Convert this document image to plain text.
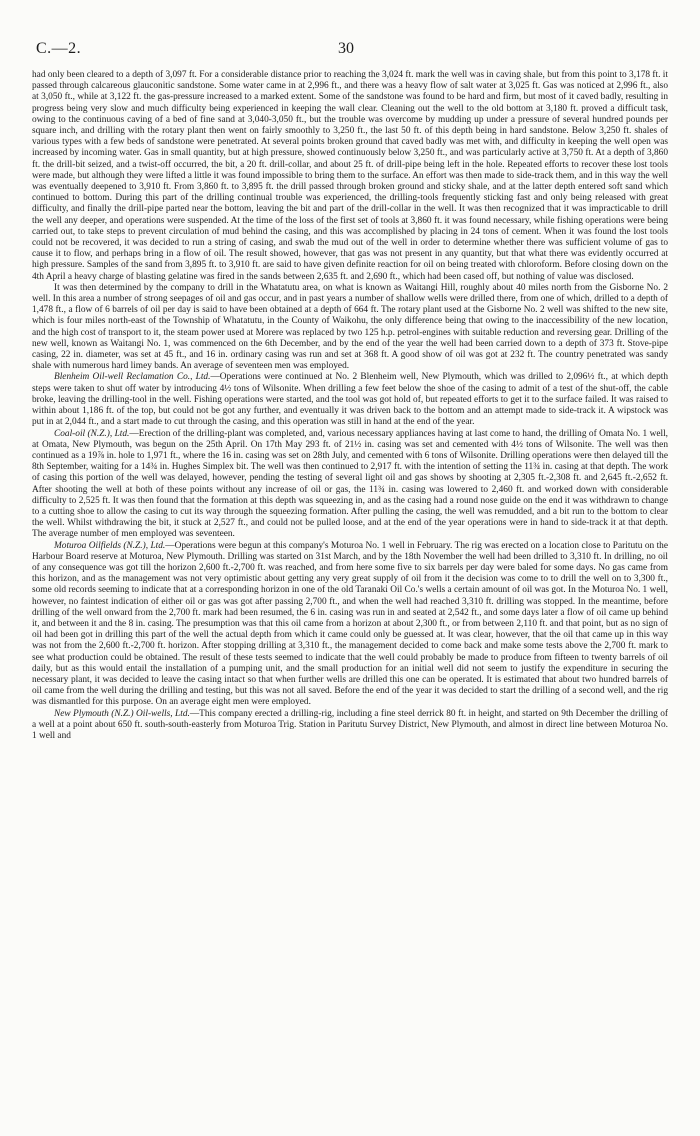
C.—2.	30

had only been cleared to a depth of 3,097 ft. For a considerable distance prior to reaching the 3,024 ft. mark the well was in caving shale, but from this point to 3,178 ft. it passed through calcareous glauconitic sandstone. Some water came in at 2,996 ft., and there was a heavy flow of salt water at 3,025 ft. Gas was noticed at 2,996 ft., also at 3,050 ft., while at 3,122 ft. the gas-pressure increased to a marked extent. Some of the sandstone was found to be hard and firm, but most of it caved badly, resulting in progress being very slow and much difficulty being experienced in keeping the wall clear. Cleaning out the well to the old bottom at 3,180 ft. proved a difficult task, owing to the continuous caving of a bed of fine sand at 3,040-3,050 ft., but the trouble was overcome by mudding up under a pressure of several hundred pounds per square inch, and drilling with the rotary plant then went on fairly smoothly to 3,250 ft., the last 50 ft. of this depth being in hard sandstone. Below 3,250 ft. shales of various types with a few beds of sandstone were penetrated. At several points broken ground that caved badly was met with, and difficulty in keeping the well open was increased by incoming water. Gas in small quantity, but at high pressure, showed continuously below 3,250 ft., and was particularly active at 3,750 ft. At a depth of 3,860 ft. the drill-bit seized, and a twist-off occurred, the bit, a 20 ft. drill-collar, and about 25 ft. of drill-pipe being left in the hole. Repeated efforts to recover these lost tools were made, but although they were lifted a little it was found impossible to bring them to the surface. An effort was then made to side-track them, and in this way the well was eventually deepened to 3,910 ft. From 3,860 ft. to 3,895 ft. the drill passed through broken ground and sticky shale, and at the latter depth entered soft sand which continued to bottom. During this part of the drilling continual trouble was experienced, the drilling-tools frequently sticking fast and only being released with great difficulty, and finally the drill-pipe parted near the bottom, leaving the bit and part of the drill-collar in the well. It was then recognized that it was impracticable to drill the well any deeper, and operations were suspended. At the time of the loss of the first set of tools at 3,860 ft. it was found necessary, while fishing operations were being carried out, to take steps to prevent circulation of mud behind the casing, and this was accomplished by placing in 24 tons of cement. When it was found the lost tools could not be recovered, it was decided to run a string of casing, and swab the mud out of the well in order to determine whether there was sufficient volume of gas to cause it to flow, and perhaps bring in a flow of oil. The result showed, however, that gas was not present in any quantity, but that what there was evidently occurred at high pressure. Samples of the sand from 3,895 ft. to 3,910 ft. are said to have given definite reaction for oil on being treated with chloroform. Before closing down on the 4th April a heavy charge of blasting gelatine was fired in the sands between 2,635 ft. and 2,690 ft., which had been cased off, but nothing of value was disclosed.

It was then determined by the company to drill in the Whatatutu area, on what is known as Waitangi Hill, roughly about 40 miles north from the Gisborne No. 2 well. In this area a number of strong seepages of oil and gas occur, and in past years a number of shallow wells were drilled there, from one of which, drilled to a depth of 1,478 ft., a flow of 6 barrels of oil per day is said to have been obtained at a depth of 664 ft. The rotary plant used at the Gisborne No. 2 well was shifted to the new site, which is four miles north-east of the Township of Whatatutu, in the County of Waikohu, the only difference being that owing to the inaccessibility of the new location, and the high cost of transport to it, the steam power used at Morere was replaced by two 125 h.p. petrol-engines with suitable reduction and reversing gear. Drilling of the new well, known as Waitangi No. 1, was commenced on the 6th December, and by the end of the year the well had been carried down to a depth of 373 ft. Stove-pipe casing, 22 in. diameter, was set at 45 ft., and 16 in. ordinary casing was run and set at 368 ft. A good show of oil was got at 232 ft. The country penetrated was sandy shale with numerous hard limey bands. An average of seventeen men was employed.

Blenheim Oil-well Reclamation Co., Ltd.—Operations were continued at No. 2 Blenheim well, New Plymouth, which was drilled to 2,096½ ft., at which depth steps were taken to shut off water by introducing 4½ tons of Wilsonite. When drilling a few feet below the shoe of the casing to admit of a test of the shut-off, the cable broke, leaving the drilling-tool in the well. Fishing operations were started, and the tool was got hold of, but repeated efforts to get it to the surface failed. It was raised to within about 1,186 ft. of the top, but could not be got any further, and eventually it was driven back to the bottom and an attempt made to side-track it. A wipstock was put in at 2,044 ft., and a start made to cut through the casing, and this operation was still in hand at the end of the year.

Coal-oil (N.Z.), Ltd.—Erection of the drilling-plant was completed, and, various necessary appliances having at last come to hand, the drilling of Omata No. 1 well, at Omata, New Plymouth, was begun on the 25th April. On 17th May 293 ft. of 21½ in. casing was set and cemented with 4½ tons of Wilsonite. The well was then continued as a 19⅞ in. hole to 1,971 ft., where the 16 in. casing was set on 28th July, and cemented with 6 tons of Wilsonite. Drilling operations were then delayed till the 8th September, waiting for a 14¾ in. Hughes Simplex bit. The well was then continued to 2,917 ft. with the intention of setting the 11¾ in. casing at that depth. The work of casing this portion of the well was delayed, however, pending the testing of several light oil and gas shows by shooting at 2,305 ft.-2,308 ft. and 2,645 ft.-2,652 ft. After shooting the well at both of these points without any increase of oil or gas, the 11¾ in. casing was lowered to 2,460 ft. and worked down with considerable difficulty to 2,525 ft. It was then found that the formation at this depth was squeezing in, and as the casing had a round nose guide on the end it was withdrawn to change to a cutting shoe to allow the casing to cut its way through the squeezing formation. After pulling the casing, the well was remudded, and a bit run to the bottom to clear the well. Whilst withdrawing the bit, it stuck at 2,527 ft., and could not be pulled loose, and at the end of the year operations were in hand to side-track it at that depth. The average number of men employed was seventeen.

Moturoa Oilfields (N.Z.), Ltd.—Operations were begun at this company's Moturoa No. 1 well in February. The rig was erected on a location close to Paritutu on the Harbour Board reserve at Moturoa, New Plymouth. Drilling was started on 31st March, and by the 18th November the well had been drilled to 3,310 ft. In drilling, no oil of any consequence was got till the horizon 2,600 ft.-2,700 ft. was reached, and from here some five to six barrels per day were baled for some days. No gas came from this horizon, and as the management was not very optimistic about getting any very great supply of oil from it the decision was come to to drill the well on to 3,300 ft., some old records seeming to indicate that at a corresponding horizon in one of the old Taranaki Oil Co.'s wells a certain amount of oil was got. In the Moturoa No. 1 well, however, no faintest indication of either oil or gas was got after passing 2,700 ft., and when the well had reached 3,310 ft. drilling was stopped. In the meantime, before drilling of the well onward from the 2,700 ft. mark had been resumed, the 6 in. casing was run in and seated at 2,542 ft., and some days later a flow of oil came up behind it, and between it and the 8 in. casing. The presumption was that this oil came from a horizon at about 2,300 ft., or from between 2,110 ft. and that point, but as no sign of oil had been got in drilling this part of the well the actual depth from which it came could only be guessed at. It was clear, however, that the oil that came up in this way was not from the 2,600 ft.-2,700 ft. horizon. After stopping drilling at 3,310 ft., the management decided to come back and make some tests above the 2,700 ft. mark to see what production could be obtained. The result of these tests seemed to indicate that the well could probably be made to produce from fifteen to twenty barrels of oil daily, but as this would entail the installation of a pumping unit, and the small production for an initial well did not seem to justify the expenditure in securing the necessary plant, it was decided to leave the casing intact so that when further wells are drilled this one can be operated. It is estimated that about two hundred barrels of oil came from the well during the drilling and testing, but this was not all saved. Before the end of the year it was decided to start the drilling of a second well, and the rig was dismantled for this purpose. On an average eight men were employed.

New Plymouth (N.Z.) Oil-wells, Ltd.—This company erected a drilling-rig, including a fine steel derrick 80 ft. in height, and started on 9th December the drilling of a well at a point about 650 ft. south-south-easterly from Moturoa Trig. Station in Paritutu Survey District, New Plymouth, and almost in direct line between Moturoa No. 1 well and
